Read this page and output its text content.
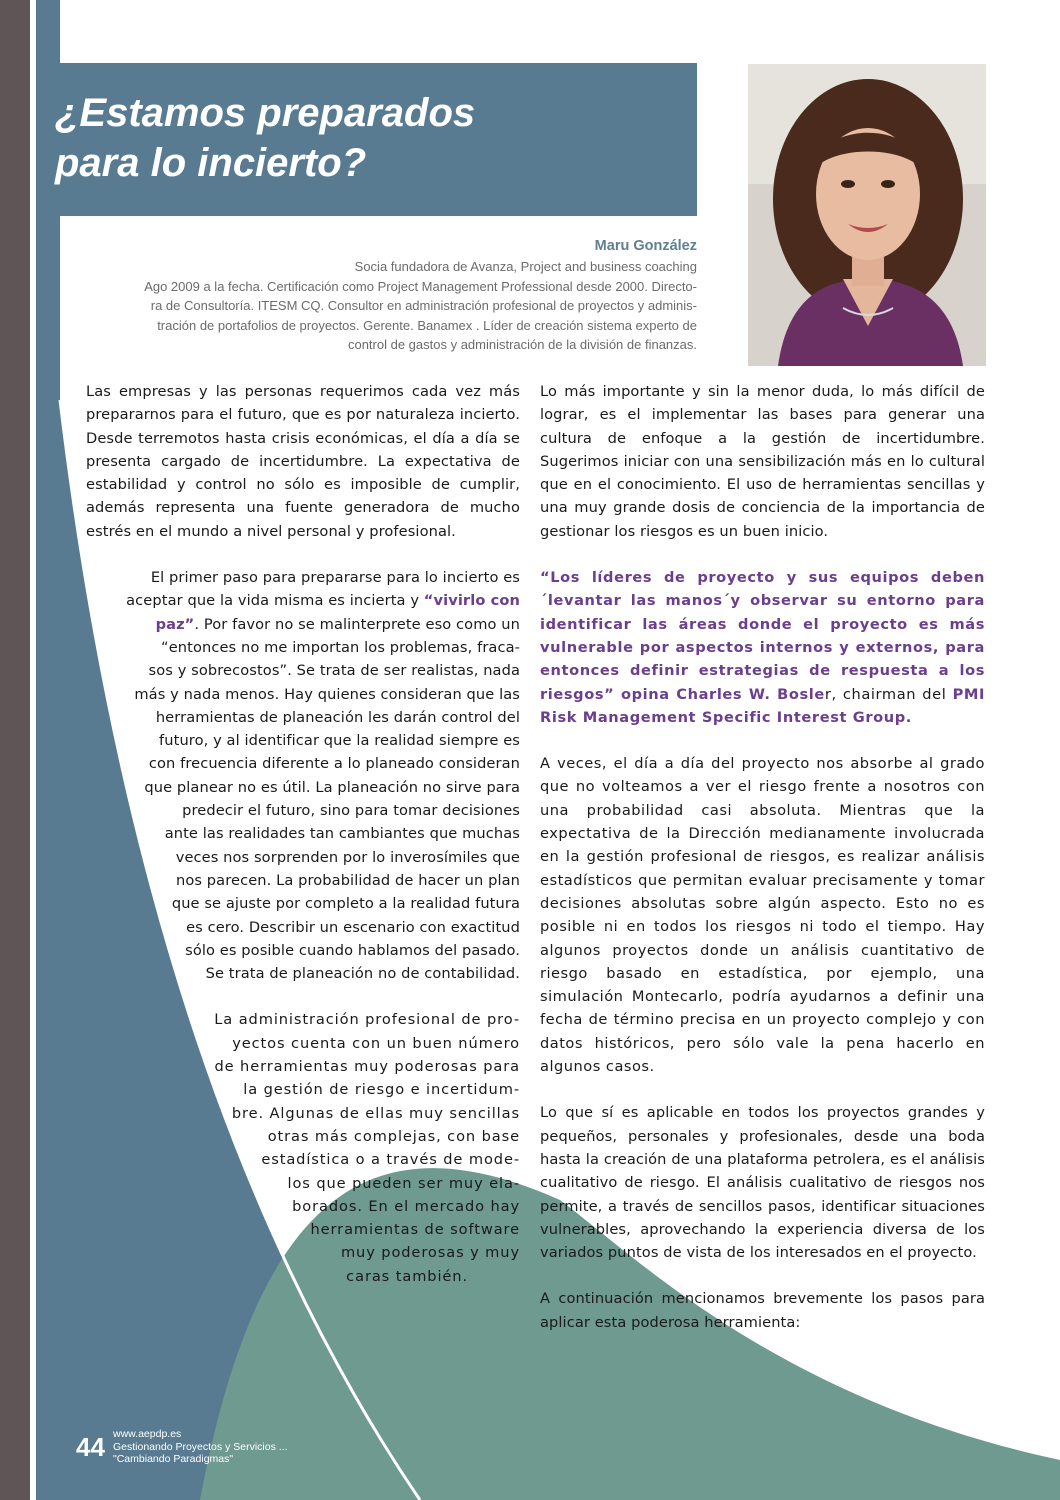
¿Estamos preparados
para lo incierto?
Maru González

Socia fundadora de Avanza, Project and business coaching

Ago 2009 a la fecha. Certificación como Project Management Professional desde 2000. Directo-

ra de Consultoría. ITESM CQ. Consultor en administración profesional de proyectos y adminis-

tración de portafolios de proyectos. Gerente. Banamex . Líder de creación sistema experto de

control de gastos y administración de la división de finanzas.

Las empresas y las personas requerimos cada vez más prepararnos para el futuro, que es por naturaleza incierto. Desde terremotos hasta crisis económicas, el día a día se presenta cargado de incertidumbre. La expectativa de estabilidad y control no sólo es imposible de cumplir, además representa una fuente generadora de mucho estrés en el mundo a nivel personal y profesional.

El primer paso para prepararse para lo incierto es
aceptar que la vida misma es incierta y “vivirlo con
paz”. Por favor no se malinterprete eso como un
“entonces no me importan los problemas, fraca-
sos y sobrecostos”. Se trata de ser realistas, nada
más y nada menos. Hay quienes consideran que las
herramientas de planeación les darán control del
futuro, y al identificar que la realidad siempre es
con frecuencia diferente a lo planeado consideran
que planear no es útil. La planeación no sirve para
predecir el futuro, sino para tomar decisiones
ante las realidades tan cambiantes que muchas
veces nos sorprenden por lo inverosímiles que
nos parecen. La probabilidad de hacer un plan
que se ajuste por completo a la realidad futura
es cero. Describir un escenario con exactitud
sólo es posible cuando hablamos del pasado.
Se trata de planeación no de contabilidad.
La administración profesional de pro-
yectos cuenta con un buen número
de herramientas muy poderosas para
la gestión de riesgo e incertidum-
bre. Algunas de ellas muy sencillas
otras más complejas, con base
estadística o a través de mode-
los que pueden ser muy ela-
borados. En el mercado hay
herramientas de software
muy poderosas y muy
caras también.

Lo más importante y sin la menor duda, lo más difícil de lograr, es el implementar las bases para generar una cultura de enfoque a la gestión de incertidumbre. Sugerimos iniciar con una sensibilización más en lo cultural que en el conocimiento. El uso de herramientas sencillas y una muy grande dosis de conciencia de la importancia de gestionar los riesgos es un buen inicio.

“Los líderes de proyecto y sus equipos deben ´levantar las manos´y observar su entorno para identificar las áreas donde el proyecto es más vulnerable por aspectos internos y externos, para entonces definir estrategias de respuesta a los riesgos” opina Charles W. Bosler, chairman del PMI Risk Management Specific Interest Group.

A veces, el día a día del proyecto nos absorbe al grado que no volteamos a ver el riesgo frente a nosotros con una probabilidad casi absoluta. Mientras que la expectativa de la Dirección medianamente involucrada en la gestión profesional de riesgos, es realizar análisis estadísticos que permitan evaluar precisamente y tomar decisiones absolutas sobre algún aspecto. Esto no es posible ni en todos los riesgos ni todo el tiempo. Hay algunos proyectos donde un análisis cuantitativo de riesgo basado en estadística, por ejemplo, una simulación Montecarlo, podría ayudarnos a definir una fecha de término precisa en un proyecto complejo y con datos históricos, pero sólo vale la pena hacerlo en algunos casos.

Lo que sí es aplicable en todos los proyectos grandes y pequeños, personales y profesionales, desde una boda hasta la creación de una plataforma petrolera, es el análisis cualitativo de riesgo. El análisis cualitativo de riesgos nos permite, a través de sencillos pasos, identificar situaciones vulnerables, aprovechando la experiencia diversa de los variados puntos de vista de los interesados en el proyecto.

A continuación mencionamos brevemente los pasos para aplicar esta poderosa herramienta:

44 www.aepdp.es
Gestionando Proyectos y Servicios ...
"Cambiando Paradigmas"
